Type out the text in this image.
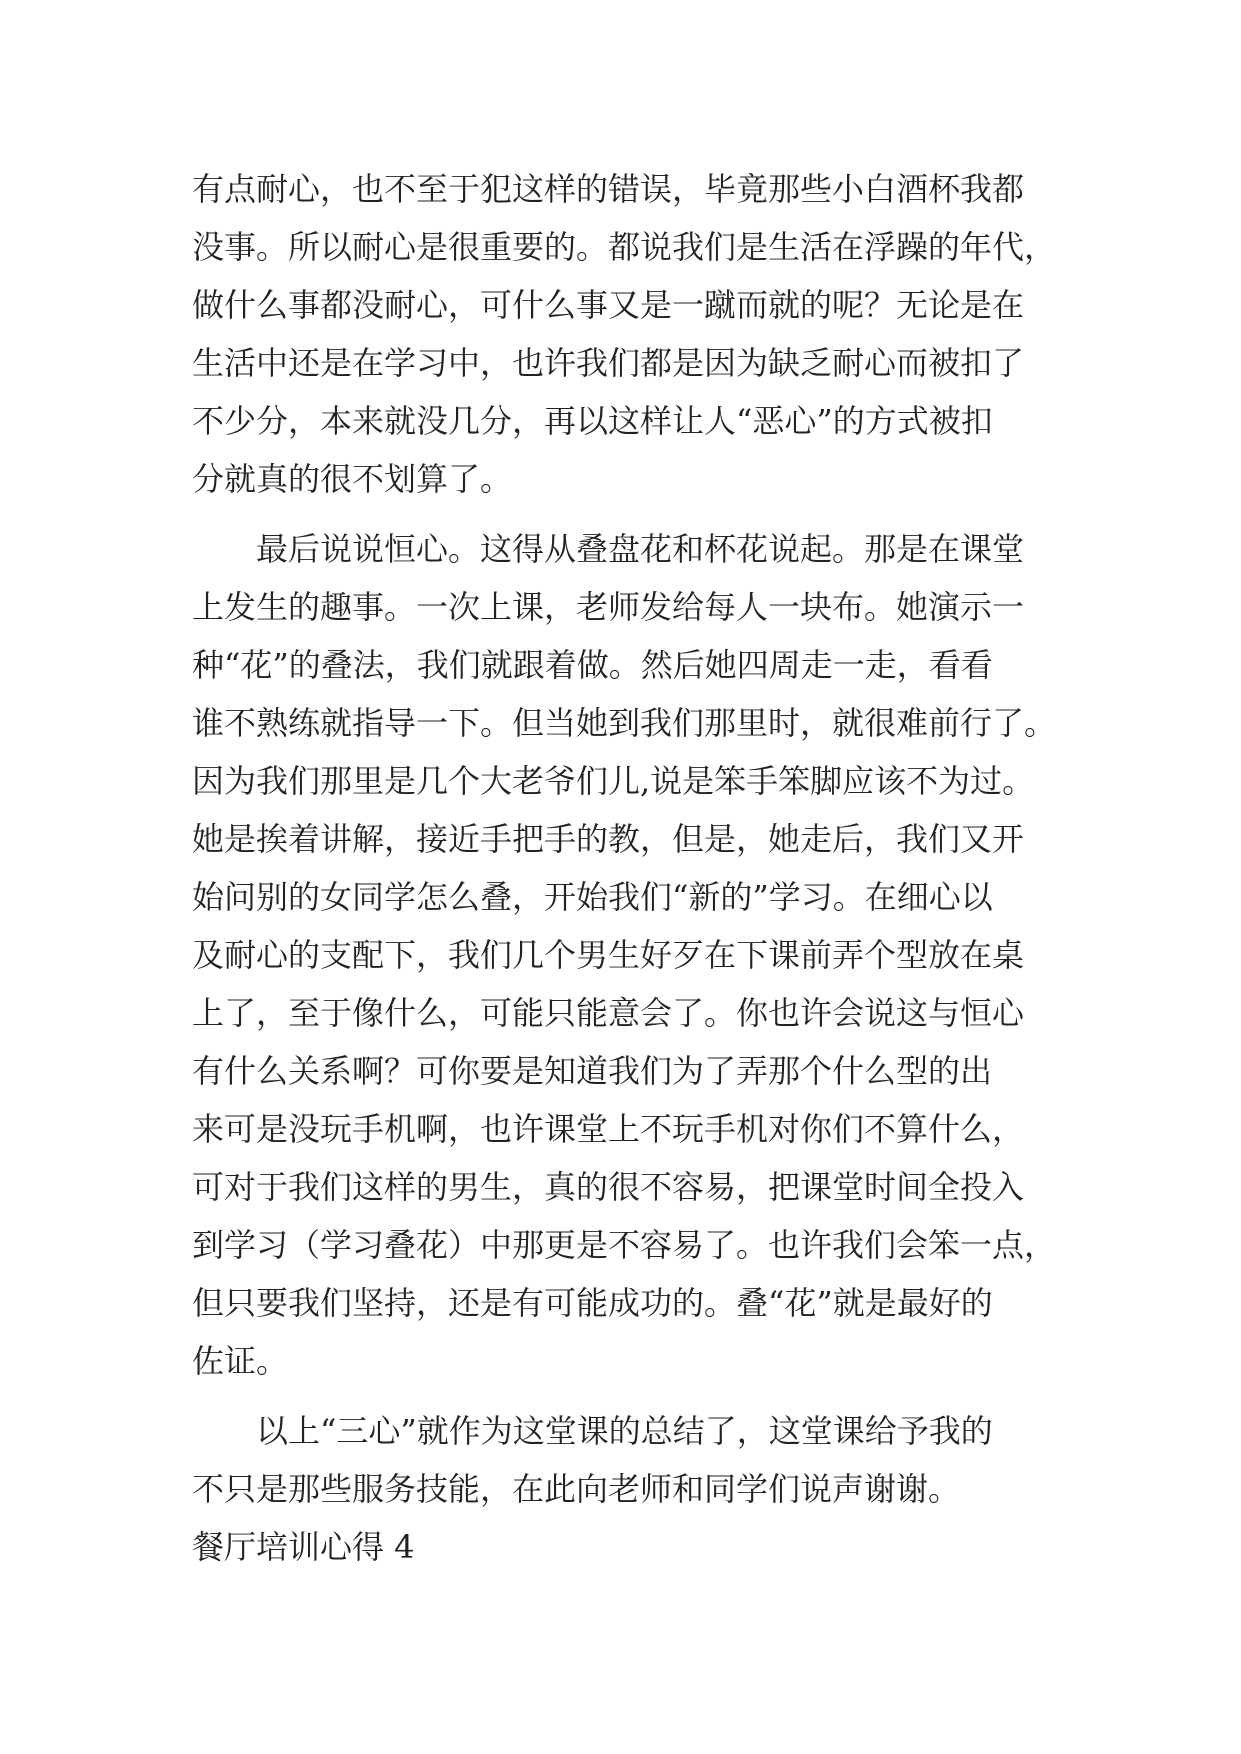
有点耐心，也不至于犯这样的错误，毕竟那些小白酒杯我都
没事。所以耐心是很重要的。都说我们是生活在浮躁的年代，
做什么事都没耐心，可什么事又是一蹴而就的呢？无论是在
生活中还是在学习中，也许我们都是因为缺乏耐心而被扣了
不少分，本来就没几分，再以这样让人“恶心”的方式被扣
分就真的很不划算了。
最后说说恒心。这得从叠盘花和杯花说起。那是在课堂
上发生的趣事。一次上课，老师发给每人一块布。她演示一
种“花”的叠法，我们就跟着做。然后她四周走一走，看看
谁不熟练就指导一下。但当她到我们那里时，就很难前行了。
因为我们那里是几个大老爷们儿,说是笨手笨脚应该不为过。
她是挨着讲解，接近手把手的教，但是，她走后，我们又开
始问别的女同学怎么叠，开始我们“新的”学习。在细心以
及耐心的支配下，我们几个男生好歹在下课前弄个型放在桌
上了，至于像什么，可能只能意会了。你也许会说这与恒心
有什么关系啊？可你要是知道我们为了弄那个什么型的出
来可是没玩手机啊，也许课堂上不玩手机对你们不算什么，
可对于我们这样的男生，真的很不容易，把课堂时间全投入
到学习（学习叠花）中那更是不容易了。也许我们会笨一点，
但只要我们坚持，还是有可能成功的。叠“花”就是最好的
佐证。
以上“三心”就作为这堂课的总结了，这堂课给予我的
不只是那些服务技能，在此向老师和同学们说声谢谢。
餐厅培训心得 4
